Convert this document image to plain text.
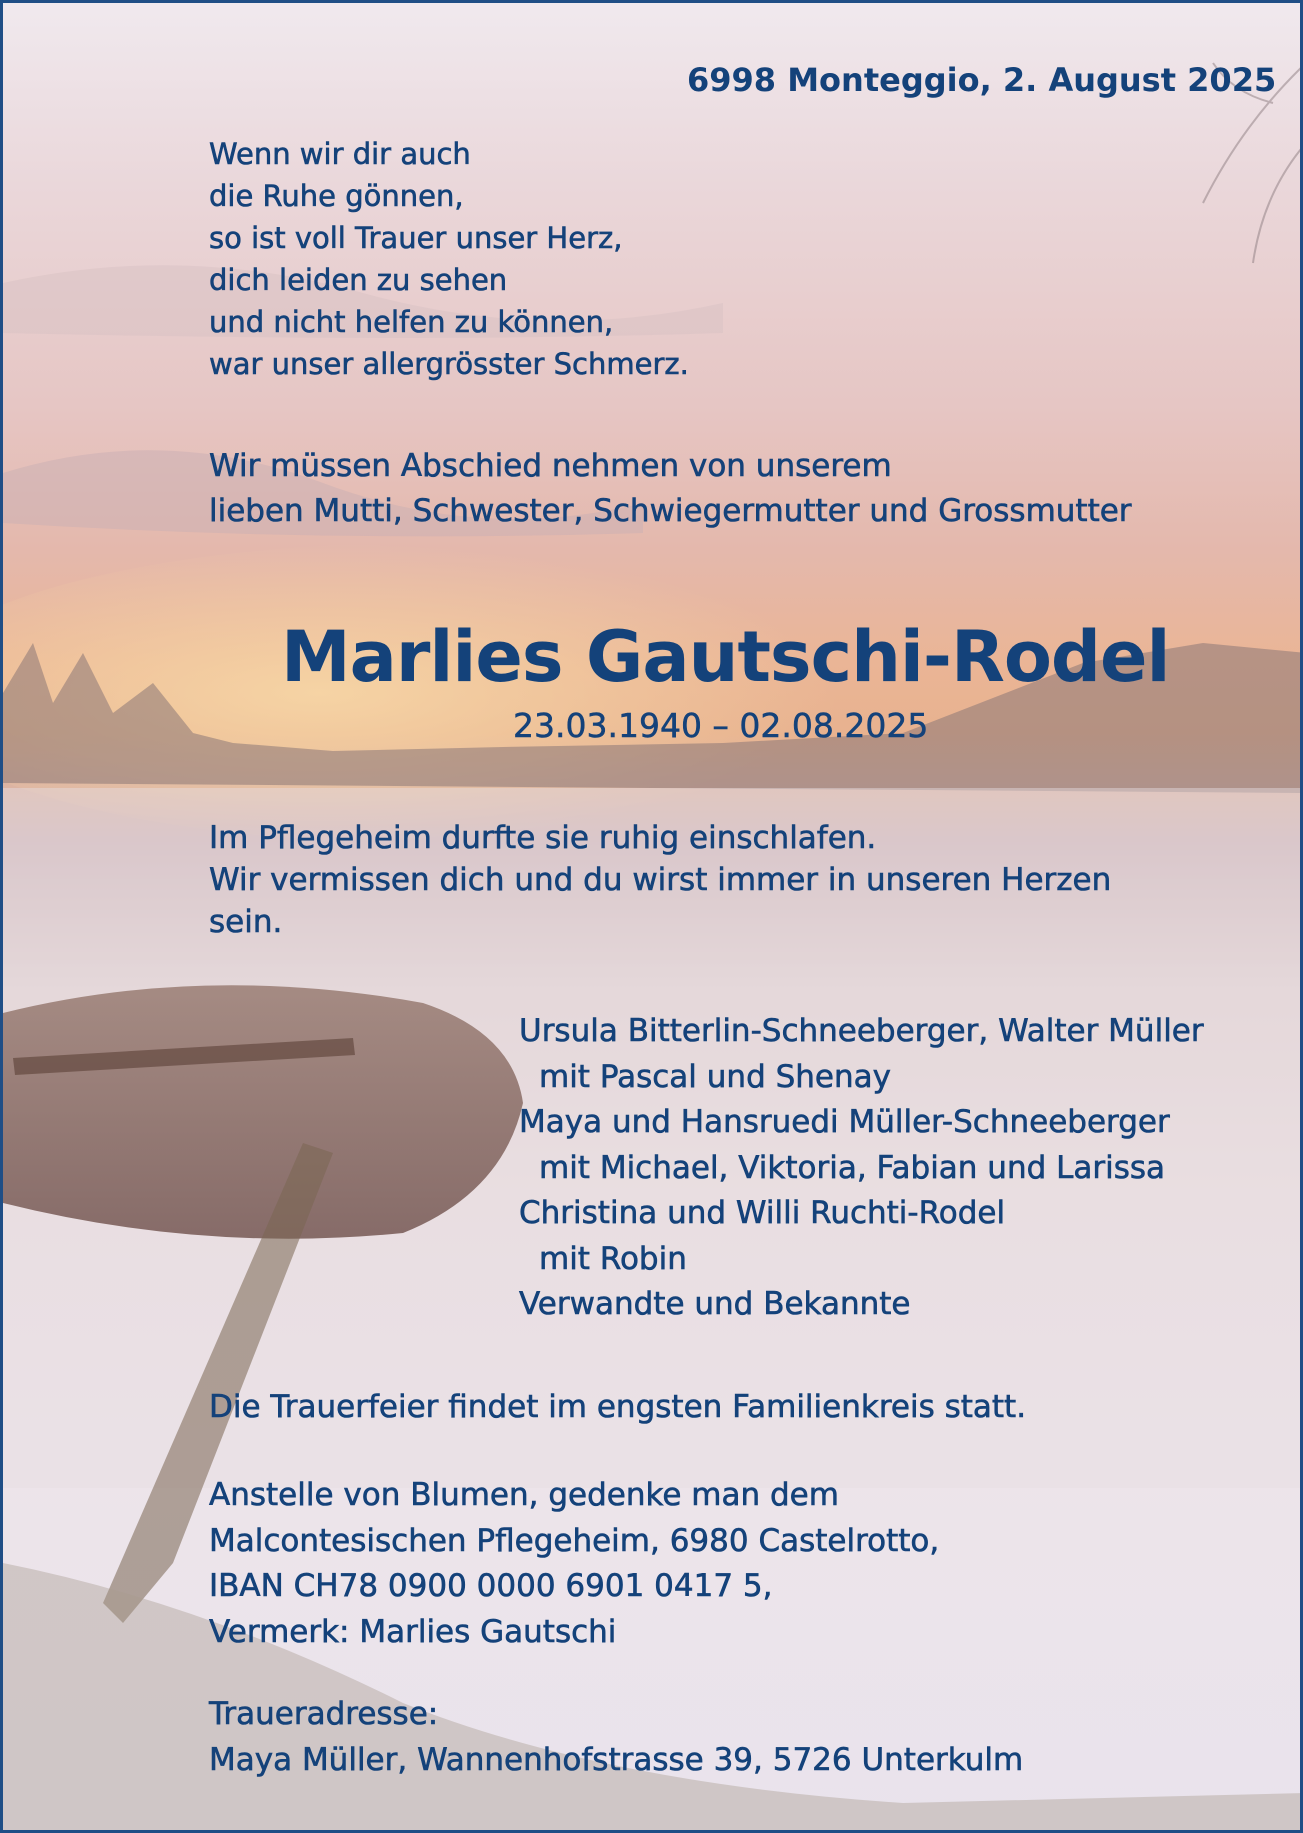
6998 Monteggio, 2. August 2025

Wenn wir dir auch
die Ruhe gönnen,
so ist voll Trauer unser Herz,
dich leiden zu sehen
und nicht helfen zu können,
war unser allergrösster Schmerz.
Wir müssen Abschied nehmen von unserem
lieben Mutti, Schwester, Schwiegermutter und Grossmutter
Marlies Gautschi-Rodel

23.03.1940 – 02.08.2025

Im Pflegeheim durfte sie ruhig einschlafen.
Wir vermissen dich und du wirst immer in unseren Herzen
sein.
Ursula Bitterlin-Schneeberger, Walter Müller
mit Pascal und Shenay
Maya und Hansruedi Müller-Schneeberger
mit Michael, Viktoria, Fabian und Larissa
Christina und Willi Ruchti-Rodel
mit Robin
Verwandte und Bekannte

Die Trauerfeier findet im engsten Familienkreis statt.

Anstelle von Blumen, gedenke man dem
Malcontesischen Pflegeheim, 6980 Castelrotto,
IBAN CH78 0900 0000 6901 0417 5,
Vermerk: Marlies Gautschi
Traueradresse:
Maya Müller, Wannenhofstrasse 39, 5726 Unterkulm
